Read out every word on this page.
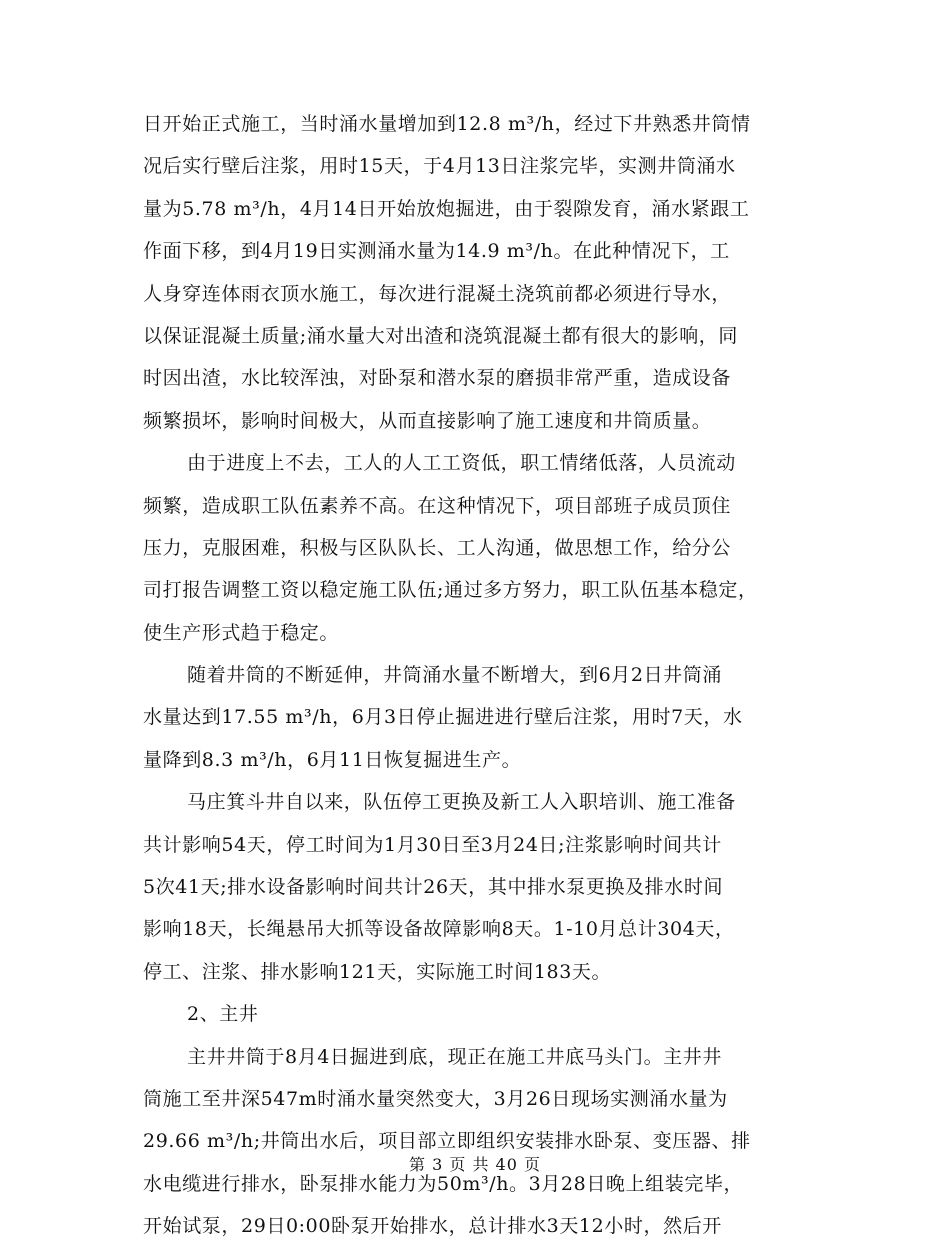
日开始正式施工，当时涌水量增加到12.8 m³/h，经过下井熟悉井筒情
况后实行壁后注浆，用时15天，于4月13日注浆完毕，实测井筒涌水
量为5.78 m³/h，4月14日开始放炮掘进，由于裂隙发育，涌水紧跟工
作面下移，到4月19日实测涌水量为14.9 m³/h。在此种情况下，工
人身穿连体雨衣顶水施工，每次进行混凝土浇筑前都必须进行导水，
以保证混凝土质量;涌水量大对出渣和浇筑混凝土都有很大的影响，同
时因出渣，水比较浑浊，对卧泵和潜水泵的磨损非常严重，造成设备
频繁损坏，影响时间极大，从而直接影响了施工速度和井筒质量。
由于进度上不去，工人的人工工资低，职工情绪低落，人员流动
频繁，造成职工队伍素养不高。在这种情况下，项目部班子成员顶住
压力，克服困难，积极与区队队长、工人沟通，做思想工作，给分公
司打报告调整工资以稳定施工队伍;通过多方努力，职工队伍基本稳定，
使生产形式趋于稳定。
随着井筒的不断延伸，井筒涌水量不断增大，到6月2日井筒涌
水量达到17.55 m³/h，6月3日停止掘进进行壁后注浆，用时7天，水
量降到8.3 m³/h，6月11日恢复掘进生产。
马庄箕斗井自以来，队伍停工更换及新工人入职培训、施工准备
共计影响54天，停工时间为1月30日至3月24日;注浆影响时间共计
5次41天;排水设备影响时间共计26天，其中排水泵更换及排水时间
影响18天，长绳悬吊大抓等设备故障影响8天。1-10月总计304天，
停工、注浆、排水影响121天，实际施工时间183天。
2、主井
主井井筒于8月4日掘进到底，现正在施工井底马头门。主井井
筒施工至井深547m时涌水量突然变大，3月26日现场实测涌水量为
29.66 m³/h;井筒出水后，项目部立即组织安装排水卧泵、变压器、排
水电缆进行排水，卧泵排水能力为50m³/h。3月28日晚上组装完毕，
开始试泵，29日0:00卧泵开始排水，总计排水3天12小时，然后开
第 3 页 共 40 页
